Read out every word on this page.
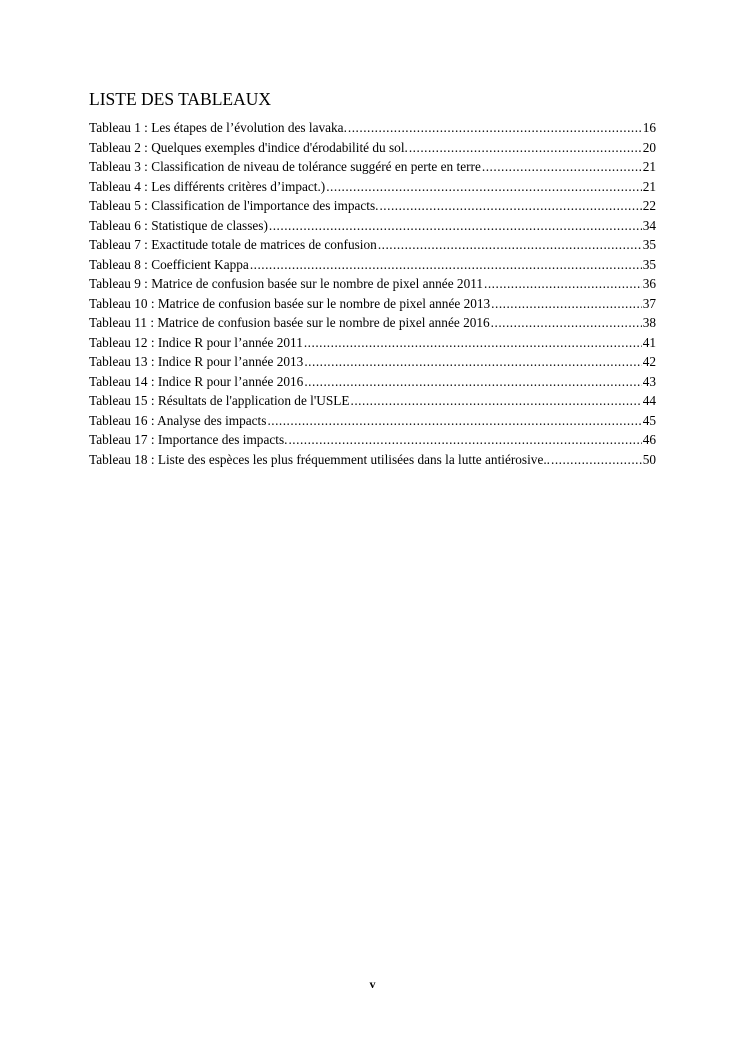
LISTE DES TABLEAUX
Tableau 1 : Les étapes de l’évolution des lavaka. .....	16
Tableau 2 : Quelques exemples d'indice d'érodabilité du sol. .....	20
Tableau 3 : Classification de niveau de tolérance suggéré en perte en terre .....	21
Tableau 4 : Les différents critères d’impact.) .....	21
Tableau 5 : Classification de l'importance des impacts. .....	22
Tableau 6 : Statistique de classes) .....	34
Tableau 7 : Exactitude totale de matrices de confusion .....	35
Tableau 8 : Coefficient Kappa .....	35
Tableau 9 : Matrice de confusion basée sur le nombre de pixel année 2011 .....	36
Tableau 10 : Matrice de confusion basée sur le nombre de pixel année 2013 .....	37
Tableau 11 : Matrice de confusion basée sur le nombre de pixel année 2016 .....	38
Tableau 12 : Indice R pour l’année 2011 .....	41
Tableau 13 : Indice R pour l’année 2013 .....	42
Tableau 14 : Indice R pour l’année 2016 .....	43
Tableau 15 : Résultats de l'application de l'USLE .....	44
Tableau 16 : Analyse des impacts .....	45
Tableau 17 : Importance des impacts. .....	46
Tableau 18 : Liste des espèces les plus fréquemment utilisées dans la lutte antiérosive.. .....	50
v
